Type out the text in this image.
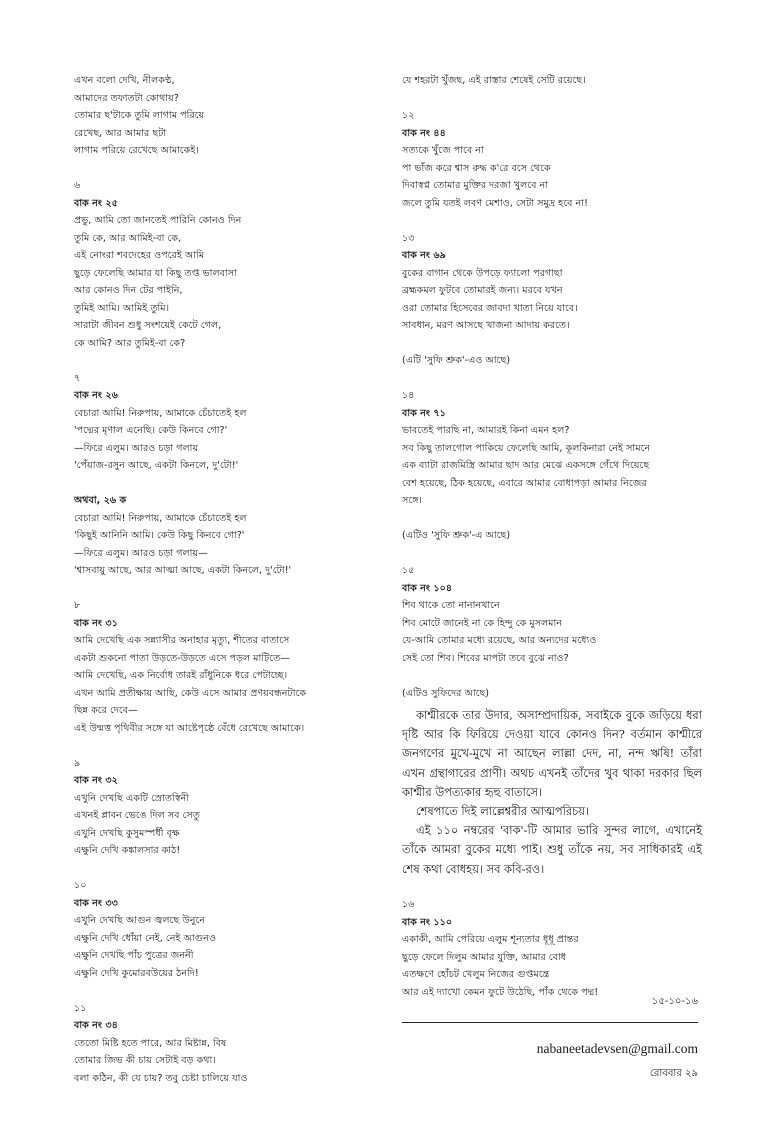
এখন বলো দেখি, নীলকণ্ঠ,
আমাদের তফাতটা কোথায়?
তোমার ছ'টাকে তুমি লাগাম পরিয়ে
রেখেছ, আর আমার ছটা
লাগাম পরিয়ে রেখেছে আমাকেই।
৬
বাক নং ২৫
প্রভু, আমি তো জানতেই পারিনি কোনও দিন
তুমি কে, আর আমিই-বা কে,
এই নোংরা শবদেহের ওপরেই আমি
ছুড়ে ফেলেছি আমার যা কিছু তপ্ত ভালবাসা
আর কোনও দিন টের পাইনি,
তুমিই আমি। আমিই তুমি।
সারাটা জীবন শুধু সংশয়েই কেটে গেল,
কে আমি? আর তুমিই-বা কে?
৭
বাক নং ২৬
বেচারা আমি! নিরুপায়, আমাকে চেঁচাতেই হল
'পদ্মের মৃণাল এনেছি। কেউ কিনবে গো?'
—ফিরে এলুম। আরও চড়া গলায়
'পেঁয়াজ-রসুন আছে, একটা কিনলে, দু'টো!'
অথবা, ২৬ ক
বেচারা আমি! নিরুপায়, আমাকে চেঁচাতেই হল
'কিছুই আনিনি আমি। কেউ কিছু কিনবে গো?'
—ফিরে এলুম। আরও চড়া গলায়—
'শ্বাসবায়ু আছে, আর আত্মা আছে, একটা কিনলে, দু'টো!'
৮
বাক নং ৩১
আমি দেখেছি এক সন্ন্যাসীর অনাহার মৃত্যু, শীতের বাতাসে
একটা শুকনো পাতা উড়তে-উড়তে এসে পড়ল মাটিতে—
আমি দেখেছি, এক নির্বোধ তারই রাঁধুনিকে ধরে পেটাচ্ছে।
এখন আমি প্রতীক্ষায় আছি, কেউ এসে আমার প্রণয়বন্ধনটাকে
ছিন্ন করে দেবে—
এই উন্মত্ত পৃথিবীর সঙ্গে যা আষ্টেপৃষ্ঠে বেঁধে রেখেছে আমাকে।
৯
বাক নং ৩২
এখুনি দেখছি একটি স্রোতস্বিনী
এখনই প্লাবন ভেঙে দিল সব সেতু
এখুনি দেখছি কুসুমস্পর্ধী বৃক্ষ
এক্ষুনি দেখি কঙ্কালসার কাঠ!
১০
বাক নং ৩৩
এখুনি দেখছি আগুন জ্বলছে উনুনে
এক্ষুনি দেখি ধোঁয়া নেই, নেই আগুনও
এক্ষুনি দেখছি পাঁচ পুত্রের জননী
এক্ষুনি দেখি কুমোরবউয়ের ঠনদি!
১১
বাক নং ৩৪
তেতো মিষ্টি হতে পারে, আর মিষ্টান্ন, বিষ
তোমার জিভ কী চায় সেটাই বড় কথা।
বলা কঠিন, কী যে চায়? তবু চেষ্টা চালিয়ে যাও
যে শহরটা খুঁজছ, এই রাস্তার শেষেই সেটি রয়েছে।
১২
বাক নং ৪৪
সত্যকে খুঁজে পাবে না
পা ভাঁজ করে শ্বাস রুদ্ধ ক'রে বসে থেকে
দিবাস্বপ্ন তোমার মুক্তির দরজা খুলবে না
জলে তুমি যতই লবণ মেশাও, সেটা সমুদ্র হবে না!
১৩
বাক নং ৬৯
বুকের বাগান থেকে উপড়ে ফ্যালো পরগাছা
ব্রহ্মকমল ফুটবে তোমারই জন্য। মরবে যখন
ওরা তোমার হিসেবের জাবদা খাতা নিয়ে যাবে।
সাবধান, মরণ আসছে খাজনা আদায় করতে।
(এটি 'সুফি শ্রুক'-এও আছে)
১৪
বাক নং ৭১
ভাবতেই পারছি না, আমারই কিনা এমন হল?
সব কিছু তালগোল পাকিয়ে ফেলেছি আমি, কূলকিনারা নেই সামনে
এক ব্যাটা রাজমিস্ত্রি আমার ছাদ আর মেঝে একসঙ্গে গেঁথে দিয়েছে
বেশ হয়েছে, ঠিক হয়েছে, এবারে আমার বোধাপড়া আমার নিজের
সঙ্গে।
(এটিও 'সুফি শ্রুক'-এ আছে)
১৫
বাক নং ১০৪
শিব থাকে তো নানানখানে
শিব মোটে জানেই না কে হিন্দু কে মুসলমান
যে-আমি তোমার মধ্যে রয়েছে, আর অন্যদের মধ্যেও
সেই তো শিব। শিবের মাপটা তবে বুঝে নাও?
(এটিও সুফিদের আছে)

কাশ্মীরকে তার উদার, অসাম্প্রদায়িক, সবাইকে বুকে জড়িয়ে ধরা দৃষ্টি আর কি ফিরিয়ে দেওয়া যাবে কোনও দিন? বর্তমান কাশ্মীরে জনগণের মুখে-মুখে না আছেন লাল্লা দেদ, না, নন্দ ঋষি! তাঁরা এখন গ্রন্থাগারের প্রাণী। অথচ এখনই তাঁদের খুব থাকা দরকার ছিল কাশ্মীর উপত্যকার হৃহু বাতাসে।

শেষপাতে দিই লাল্লেশ্বরীর আত্মপরিচয়।

এই ১১০ নম্বরের 'বাক'-টি আমার ভারি সুন্দর লাগে, এখানেই তাঁকে আমরা বুকের মধ্যে পাই। শুধু তাঁকে নয়, সব সাধিকারই এই শেষ কথা বোধহয়। সব কবি-রও।

১৬
বাক নং ১১০
একাকী, আমি পেরিয়ে এলুম শূন্যতার ধূধূ প্রান্তর
ছুড়ে ফেলে দিলুম আমার যুক্তি, আমার বোধ
এতক্ষণে হোঁচট খেলুম নিজের গুপ্তমন্ত্রে
আর এই দ্যাখো কেমন ফুটে উঠেছি, পাঁক থেকে পদ্ম!
১৫-১০-১৬
nabaneetadevsen@gmail.com
রোববার ২৯
